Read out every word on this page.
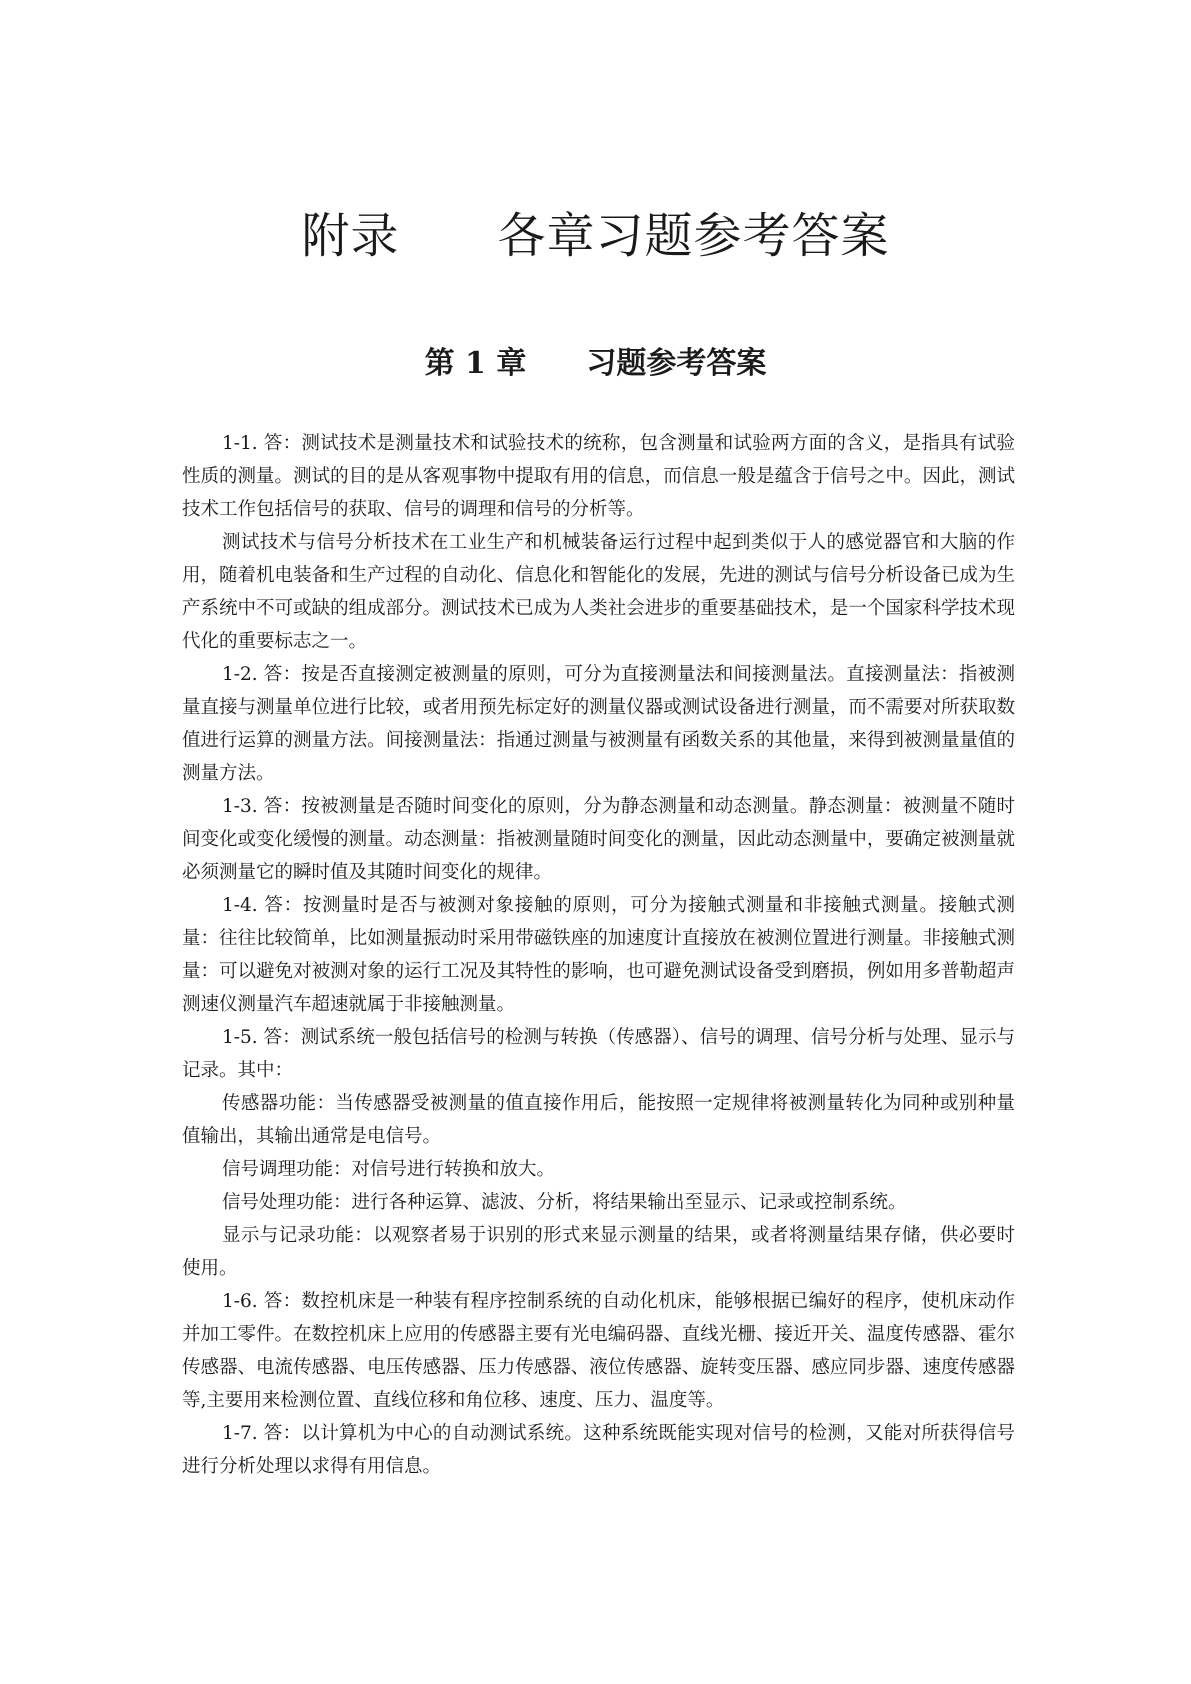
附录　　各章习题参考答案
第 1 章　　习题参考答案

1-1. 答：测试技术是测量技术和试验技术的统称，包含测量和试验两方面的含义，是指具有试验性质的测量。测试的目的是从客观事物中提取有用的信息，而信息一般是蕴含于信号之中。因此，测试技术工作包括信号的获取、信号的调理和信号的分析等。

测试技术与信号分析技术在工业生产和机械装备运行过程中起到类似于人的感觉器官和大脑的作用，随着机电装备和生产过程的自动化、信息化和智能化的发展，先进的测试与信号分析设备已成为生产系统中不可或缺的组成部分。测试技术已成为人类社会进步的重要基础技术，是一个国家科学技术现代化的重要标志之一。

1-2. 答：按是否直接测定被测量的原则，可分为直接测量法和间接测量法。直接测量法：指被测量直接与测量单位进行比较，或者用预先标定好的测量仪器或测试设备进行测量，而不需要对所获取数值进行运算的测量方法。间接测量法：指通过测量与被测量有函数关系的其他量，来得到被测量量值的测量方法。

1-3. 答：按被测量是否随时间变化的原则，分为静态测量和动态测量。静态测量：被测量不随时间变化或变化缓慢的测量。动态测量：指被测量随时间变化的测量，因此动态测量中，要确定被测量就必须测量它的瞬时值及其随时间变化的规律。

1-4. 答：按测量时是否与被测对象接触的原则，可分为接触式测量和非接触式测量。接触式测量：往往比较简单，比如测量振动时采用带磁铁座的加速度计直接放在被测位置进行测量。非接触式测量：可以避免对被测对象的运行工况及其特性的影响，也可避免测试设备受到磨损，例如用多普勒超声测速仪测量汽车超速就属于非接触测量。

1-5. 答：测试系统一般包括信号的检测与转换（传感器）、信号的调理、信号分析与处理、显示与记录。其中：

传感器功能：当传感器受被测量的值直接作用后，能按照一定规律将被测量转化为同种或别种量值输出，其输出通常是电信号。

信号调理功能：对信号进行转换和放大。

信号处理功能：进行各种运算、滤波、分析，将结果输出至显示、记录或控制系统。

显示与记录功能：以观察者易于识别的形式来显示测量的结果，或者将测量结果存储，供必要时使用。

1-6. 答：数控机床是一种装有程序控制系统的自动化机床，能够根据已编好的程序，使机床动作并加工零件。在数控机床上应用的传感器主要有光电编码器、直线光栅、接近开关、温度传感器、霍尔传感器、电流传感器、电压传感器、压力传感器、液位传感器、旋转变压器、感应同步器、速度传感器等,主要用来检测位置、直线位移和角位移、速度、压力、温度等。

1-7. 答：以计算机为中心的自动测试系统。这种系统既能实现对信号的检测，又能对所获得信号进行分析处理以求得有用信息。
